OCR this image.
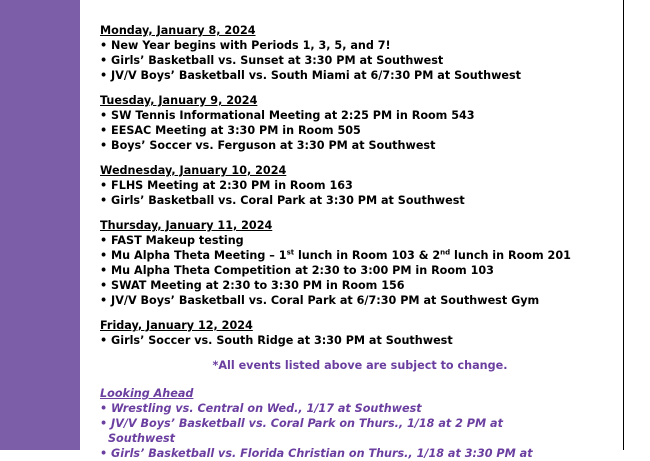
Monday, January 8, 2024
• New Year begins with Periods 1, 3, 5, and 7!
• Girls’ Basketball vs. Sunset at 3:30 PM at Southwest
• JV/V Boys’ Basketball vs. South Miami at 6/7:30 PM at Southwest
Tuesday, January 9, 2024
• SW Tennis Informational Meeting at 2:25 PM in Room 543
• EESAC Meeting at 3:30 PM in Room 505
• Boys’ Soccer vs. Ferguson at 3:30 PM at Southwest
Wednesday, January 10, 2024
• FLHS Meeting at 2:30 PM in Room 163
• Girls’ Basketball vs. Coral Park at 3:30 PM at Southwest
Thursday, January 11, 2024
• FAST Makeup testing
• Mu Alpha Theta Meeting – 1st lunch in Room 103 & 2nd lunch in Room 201
• Mu Alpha Theta Competition at 2:30 to 3:00 PM in Room 103
• SWAT Meeting at 2:30 to 3:30 PM in Room 156
• JV/V Boys’ Basketball vs. Coral Park at 6/7:30 PM at Southwest Gym
Friday, January 12, 2024
• Girls’ Soccer vs. South Ridge at 3:30 PM at Southwest
*All events listed above are subject to change.
Looking Ahead
• Wrestling vs. Central on Wed., 1/17 at Southwest
• JV/V Boys’ Basketball vs. Coral Park on Thurs., 1/18 at 2 PM at
Southwest
• Girls’ Basketball vs. Florida Christian on Thurs., 1/18 at 3:30 PM at
